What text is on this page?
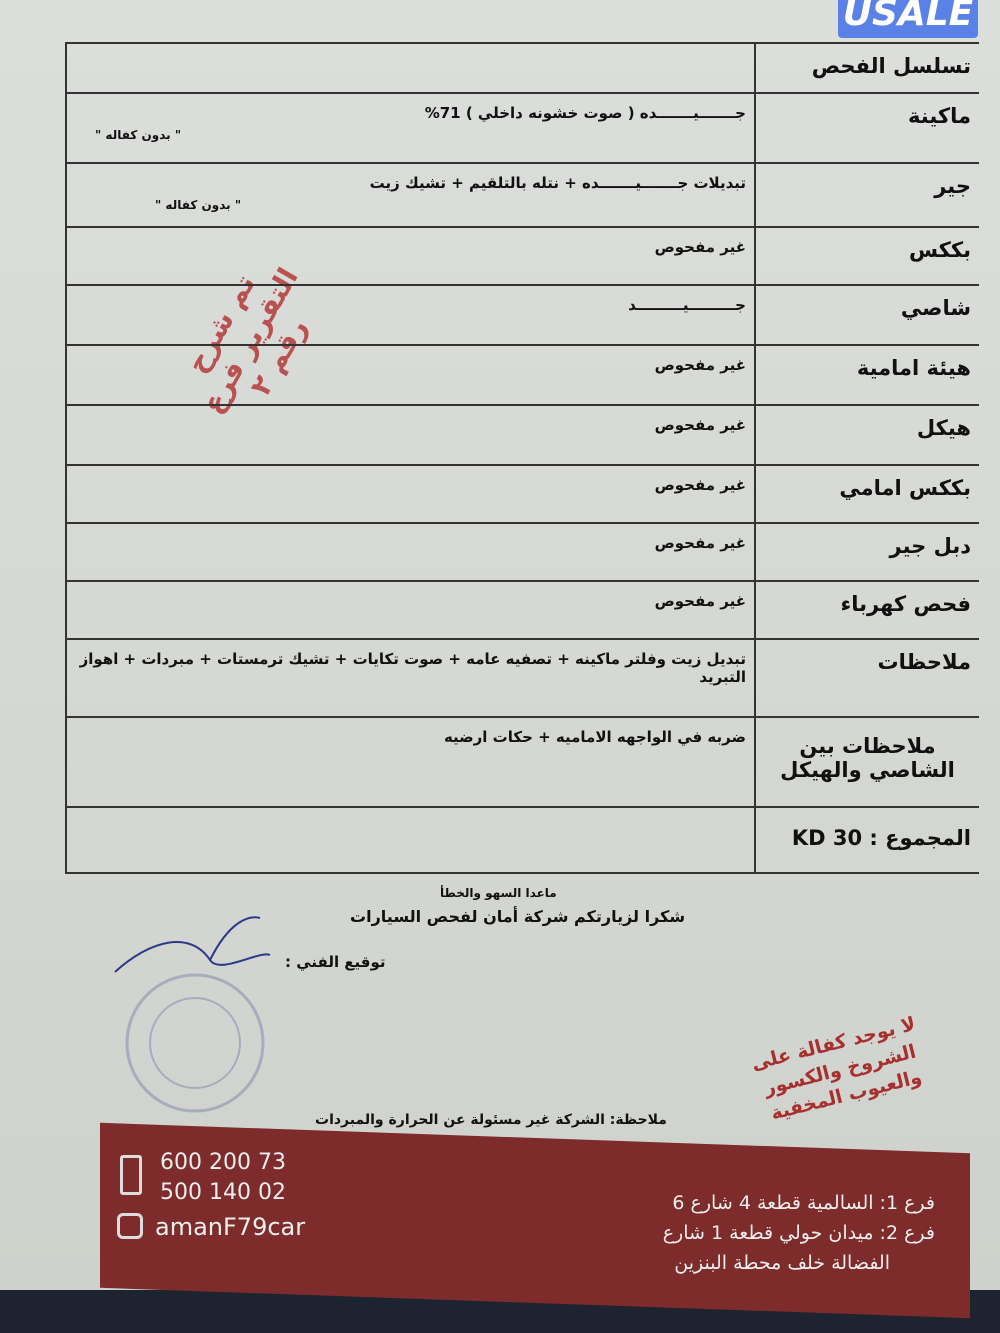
تم شرح التقرير فرع رقم ٢
تسلسل الفحص
ماكينة
جـــــــيـــــــده ( صوت خشونه داخلي ) 71%
" بدون كفاله "
جير
تبديلات جـــــــيـــــــده + نتله بالتلقيم + تشيك زيت
" بدون كفاله "
بككس
غير مفحوص
شاصي
جـــــــــيـــــــــد
هيئة امامية
غير مفحوص
هيكل
غير مفحوص
بككس امامي
غير مفحوص
دبل جير
غير مفحوص
فحص كهرباء
غير مفحوص
ملاحظات
تبديل زيت وفلتر ماكينه + تصفيه عامه + صوت تكايات + تشيك ترمستات + مبردات + اهواز التبريد
ملاحظات بين الشاصي والهيكل
ضربه في الواجهه الاماميه + حكات ارضيه
المجموع : KD 30
ماعدا السهو والخطأ
شكرا لزيارتكم شركة أمان لفحص السيارات
توقيع الفني :
لا يوجد كفالة على الشروخ والكسور والعيوب المخفية
ملاحظة: الشركة غير مسئولة عن الحرارة والمبردات
USALE
600 200 73
500 140 02
amanF79car
فرع 1: السالمية قطعة 4 شارع 6
فرع 2: ميدان حولي قطعة 1 شارع
الفضالة خلف محطة البنزين
